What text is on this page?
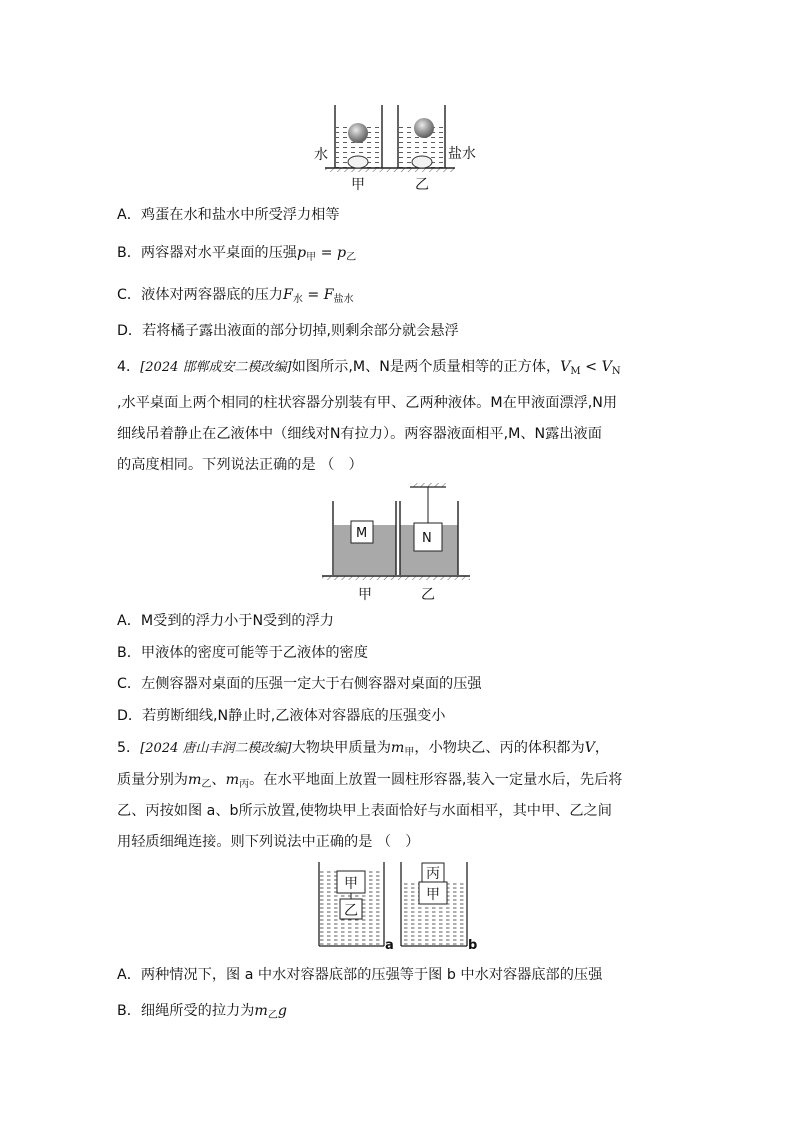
水	盐水
甲	乙
A．鸡蛋在水和盐水中所受浮力相等
B．两容器对水平桌面的压强$p_甲 = p_乙$
C．液体对两容器底的压力$F_水 = F_{盐水}$
D．若将橘子露出液面的部分切掉,则剩余部分就会悬浮
4．[2024 邯郸成安二模改编]如图所示,M、N是两个质量相等的正方体，$V_M < V_N$
,水平桌面上两个相同的柱状容器分别装有甲、乙两种液体。M在甲液面漂浮,N用
细线吊着静止在乙液体中（细线对N有拉力）。两容器液面相平,M、N露出液面
的高度相同。下列说法正确的是 （　）
M	N
甲	乙
A．M受到的浮力小于N受到的浮力
B．甲液体的密度可能等于乙液体的密度
C．左侧容器对桌面的压强一定大于右侧容器对桌面的压强
D．若剪断细线,N静止时,乙液体对容器底的压强变小
5．[2024 唐山丰润二模改编]大物块甲质量为$m_甲$，小物块乙、丙的体积都为V，
质量分别为$m_乙$、$m_丙$。在水平地面上放置一圆柱形容器,装入一定量水后，先后将
乙、丙按如图 a、b所示放置,使物块甲上表面恰好与水面相平，其中甲、乙之间
用轻质细绳连接。则下列说法中正确的是 （　）
甲
乙
a
丙
甲
b
A．两种情况下，图 a 中水对容器底部的压强等于图 b 中水对容器底部的压强
B．细绳所受的拉力为$m_乙g$
